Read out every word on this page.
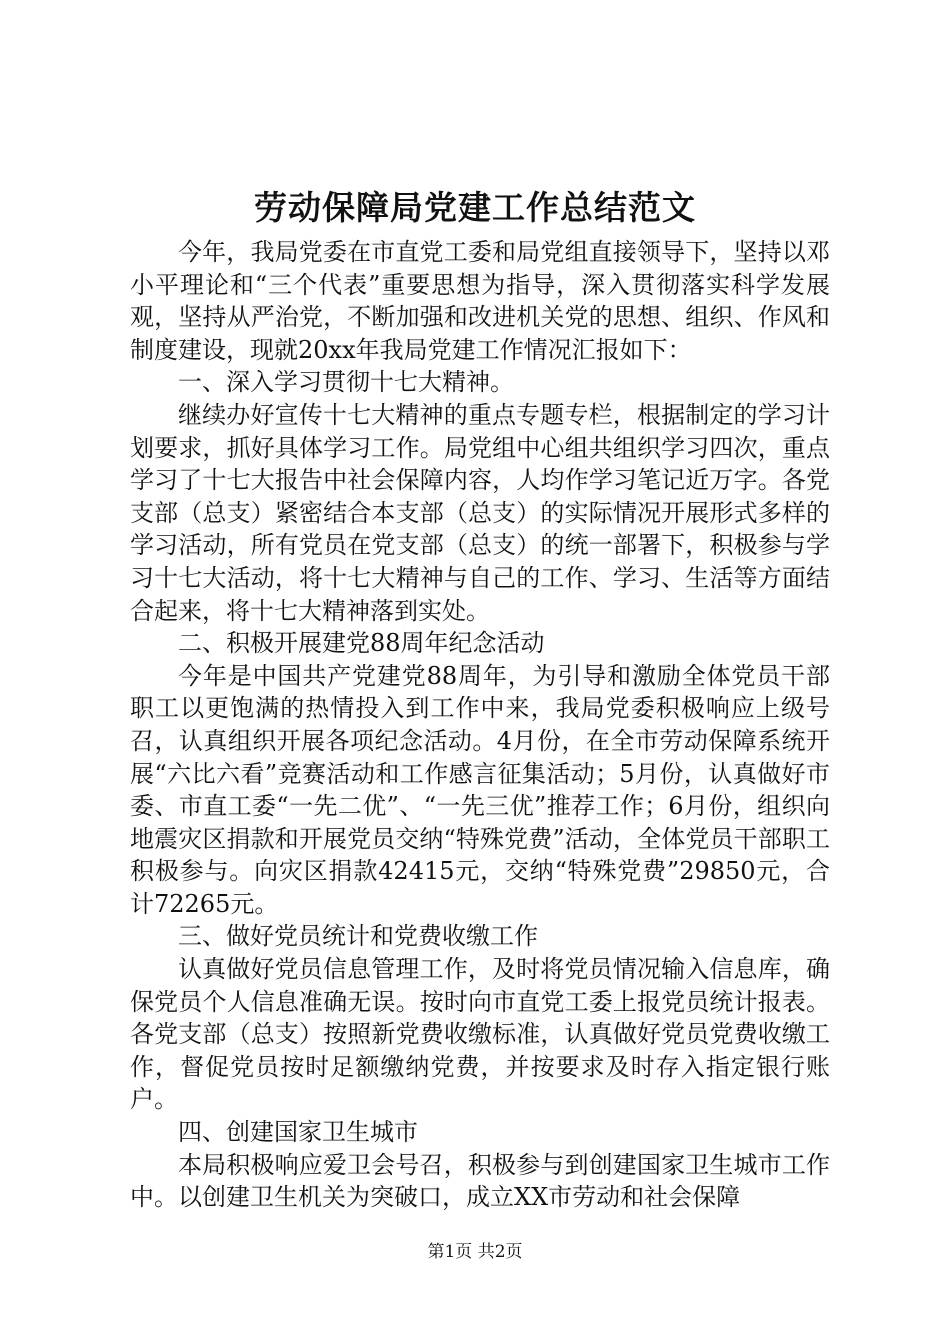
劳动保障局党建工作总结范文

今年，我局党委在市直党工委和局党组直接领导下，坚持以邓小平理论和“三个代表”重要思想为指导，深入贯彻落实科学发展观，坚持从严治党，不断加强和改进机关党的思想、组织、作风和制度建设，现就20xx年我局党建工作情况汇报如下：

一、深入学习贯彻十七大精神。

继续办好宣传十七大精神的重点专题专栏，根据制定的学习计划要求，抓好具体学习工作。局党组中心组共组织学习四次，重点学习了十七大报告中社会保障内容，人均作学习笔记近万字。各党支部（总支）紧密结合本支部（总支）的实际情况开展形式多样的学习活动，所有党员在党支部（总支）的统一部署下，积极参与学习十七大活动，将十七大精神与自己的工作、学习、生活等方面结合起来，将十七大精神落到实处。

二、积极开展建党88周年纪念活动

今年是中国共产党建党88周年，为引导和激励全体党员干部职工以更饱满的热情投入到工作中来，我局党委积极响应上级号召，认真组织开展各项纪念活动。4月份，在全市劳动保障系统开展“六比六看”竞赛活动和工作感言征集活动；5月份，认真做好市委、市直工委“一先二优”、“一先三优”推荐工作；6月份，组织向地震灾区捐款和开展党员交纳“特殊党费”活动，全体党员干部职工积极参与。向灾区捐款42415元，交纳“特殊党费”29850元，合计72265元。

三、做好党员统计和党费收缴工作

认真做好党员信息管理工作，及时将党员情况输入信息库，确保党员个人信息准确无误。按时向市直党工委上报党员统计报表。各党支部（总支）按照新党费收缴标准，认真做好党员党费收缴工作，督促党员按时足额缴纳党费，并按要求及时存入指定银行账户。

四、创建国家卫生城市

本局积极响应爱卫会号召，积极参与到创建国家卫生城市工作中。以创建卫生机关为突破口，成立XX市劳动和社会保障

第1页 共2页
